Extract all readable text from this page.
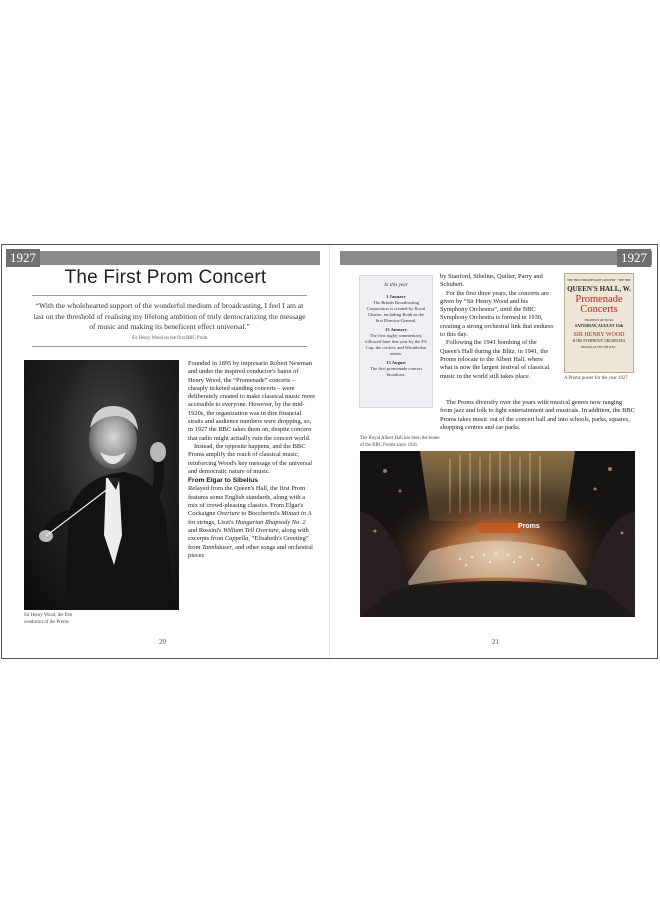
1927
The First Prom Concert
“With the wholehearted support of the wonderful medium of broadcasting, I feel I am at last on the threshold of realising my lifelong ambition of truly democratizing the message of music and making its beneficent effect universal.”
Sir Henry Wood on the first BBC Prom
Sir Henry Wood, the first conductor of the Proms

Founded in 1895 by impresario Robert Newman and under the inspired conductor's baton of Henry Wood, the “Promenade” concerts – cheaply ticketed standing concerts – were deliberately created to make classical music more accessible to everyone. However, by the mid-1920s, the organization was in dire financial straits and audience numbers were dropping, so, in 1927 the BBC takes them on, despite concern that radio might actually ruin the concert world.

Instead, the opposite happens, and the BBC Proms amplify the reach of classical music, reinforcing Wood's key message of the universal and democratic nature of music.

From Elgar to Sibelius

Relayed from the Queen's Hall, the first Prom features some English standards, along with a mix of crowd-pleasing classics. From Elgar's Cockaigne Overture to Boccherini's Minuet in A for strings, Liszt's Hungarian Rhapsody No. 2 and Rossini's William Tell Overture, along with excerpts from Cappella, “Elisabeth's Greeting” from Tannhäuser, and other songs and orchestral pieces

20
1927
In this year
1 January
The British Broadcasting Corporation is created by Royal Charter, including Reith as the first Director-General.
15 January
The first rugby commentary, followed later that year by the FA Cup, the cricket, and Wimbledon tennis.
13 August
The first promenade concert broadcast.

by Stanford, Sibelius, Quilter, Parry and Schubert.

For the first three years, the concerts are given by “Sir Henry Wood and his Symphony Orchestra”, until the BBC Symphony Orchestra is formed in 1930, creating a strong orchestral link that endures to this day.

Following the 1941 bombing of the Queen's Hall during the Blitz, in 1941, the Proms relocate to the Albert Hall, where what is now the largest festival of classical music in the world still takes place.

The Proms diversify over the years with musical genres now ranging from jazz and folk to light entertainment and musicals. In addition, the BBC Proms takes music out of the concert hall and into schools, parks, squares, shopping centres and car parks.

THE FIRST PROMENADE CONCERT · THE BBC
QUEEN'S HALL, W.
Promenade
Concerts
NIGHTLY AT 8 P.M.
SATURDAY, AUGUST 13th
SIR HENRY WOOD
& HIS SYMPHONY ORCHESTRA
BROADCAST BY THE B.B.C.
A Proms poster for the year 1927
The Royal Albert Hall has been the home of the BBC Proms since 1941.
Proms
21
